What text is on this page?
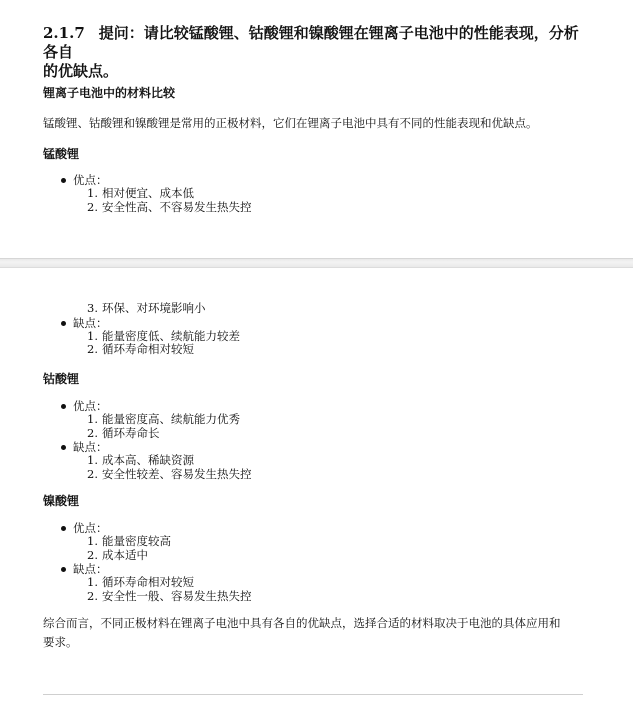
2.1.7 提问：请比较锰酸锂、钴酸锂和镍酸锂在锂离子电池中的性能表现，分析各自
的优缺点。
锂离子电池中的材料比较

锰酸锂、钴酸锂和镍酸锂是常用的正极材料，它们在锂离子电池中具有不同的性能表现和优缺点。

锰酸锂
优点：
1. 相对便宜、成本低
2. 安全性高、不容易发生热失控
3. 环保、对环境影响小
缺点：
1. 能量密度低、续航能力较差
2. 循环寿命相对较短
钴酸锂
优点：
1. 能量密度高、续航能力优秀
2. 循环寿命长
缺点：
1. 成本高、稀缺资源
2. 安全性较差、容易发生热失控
镍酸锂
优点：
1. 能量密度较高
2. 成本适中
缺点：
1. 循环寿命相对较短
2. 安全性一般、容易发生热失控

综合而言，不同正极材料在锂离子电池中具有各自的优缺点，选择合适的材料取决于电池的具体应用和
要求。
